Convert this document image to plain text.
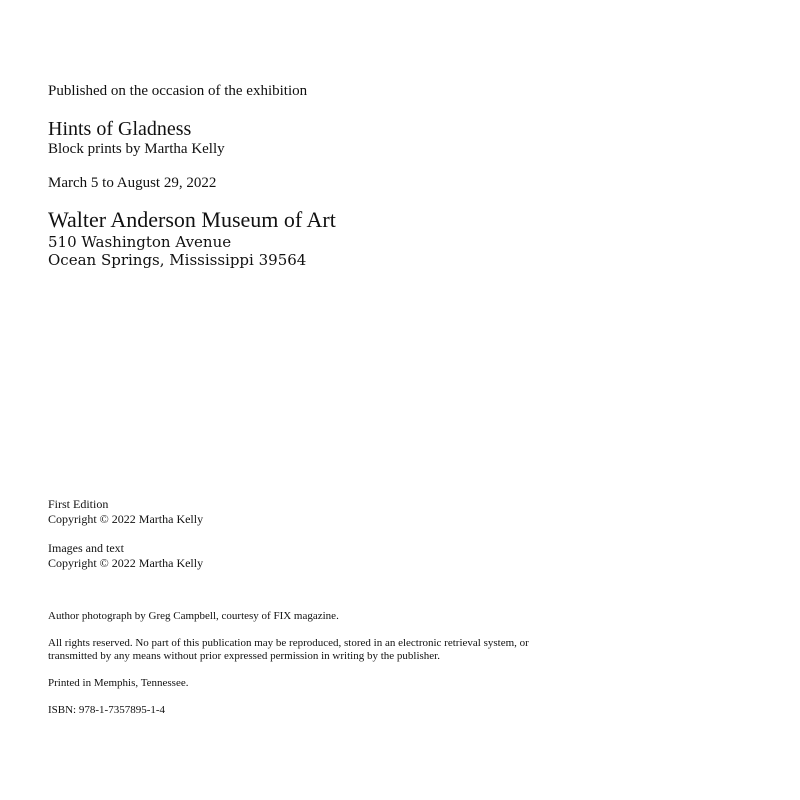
Published on the occasion of the exhibition

Hints of Gladness

Block prints by Martha Kelly

March 5 to August 29, 2022

Walter Anderson Museum of Art

510 Washington Avenue

Ocean Springs, Mississippi 39564

First Edition

Copyright © 2022 Martha Kelly

Images and text

Copyright © 2022 Martha Kelly

Author photograph by Greg Campbell, courtesy of FIX magazine.

All rights reserved. No part of this publication may be reproduced, stored in an electronic retrieval system, or

transmitted by any means without prior expressed permission in writing by the publisher.

Printed in Memphis, Tennessee.

ISBN: 978-1-7357895-1-4
